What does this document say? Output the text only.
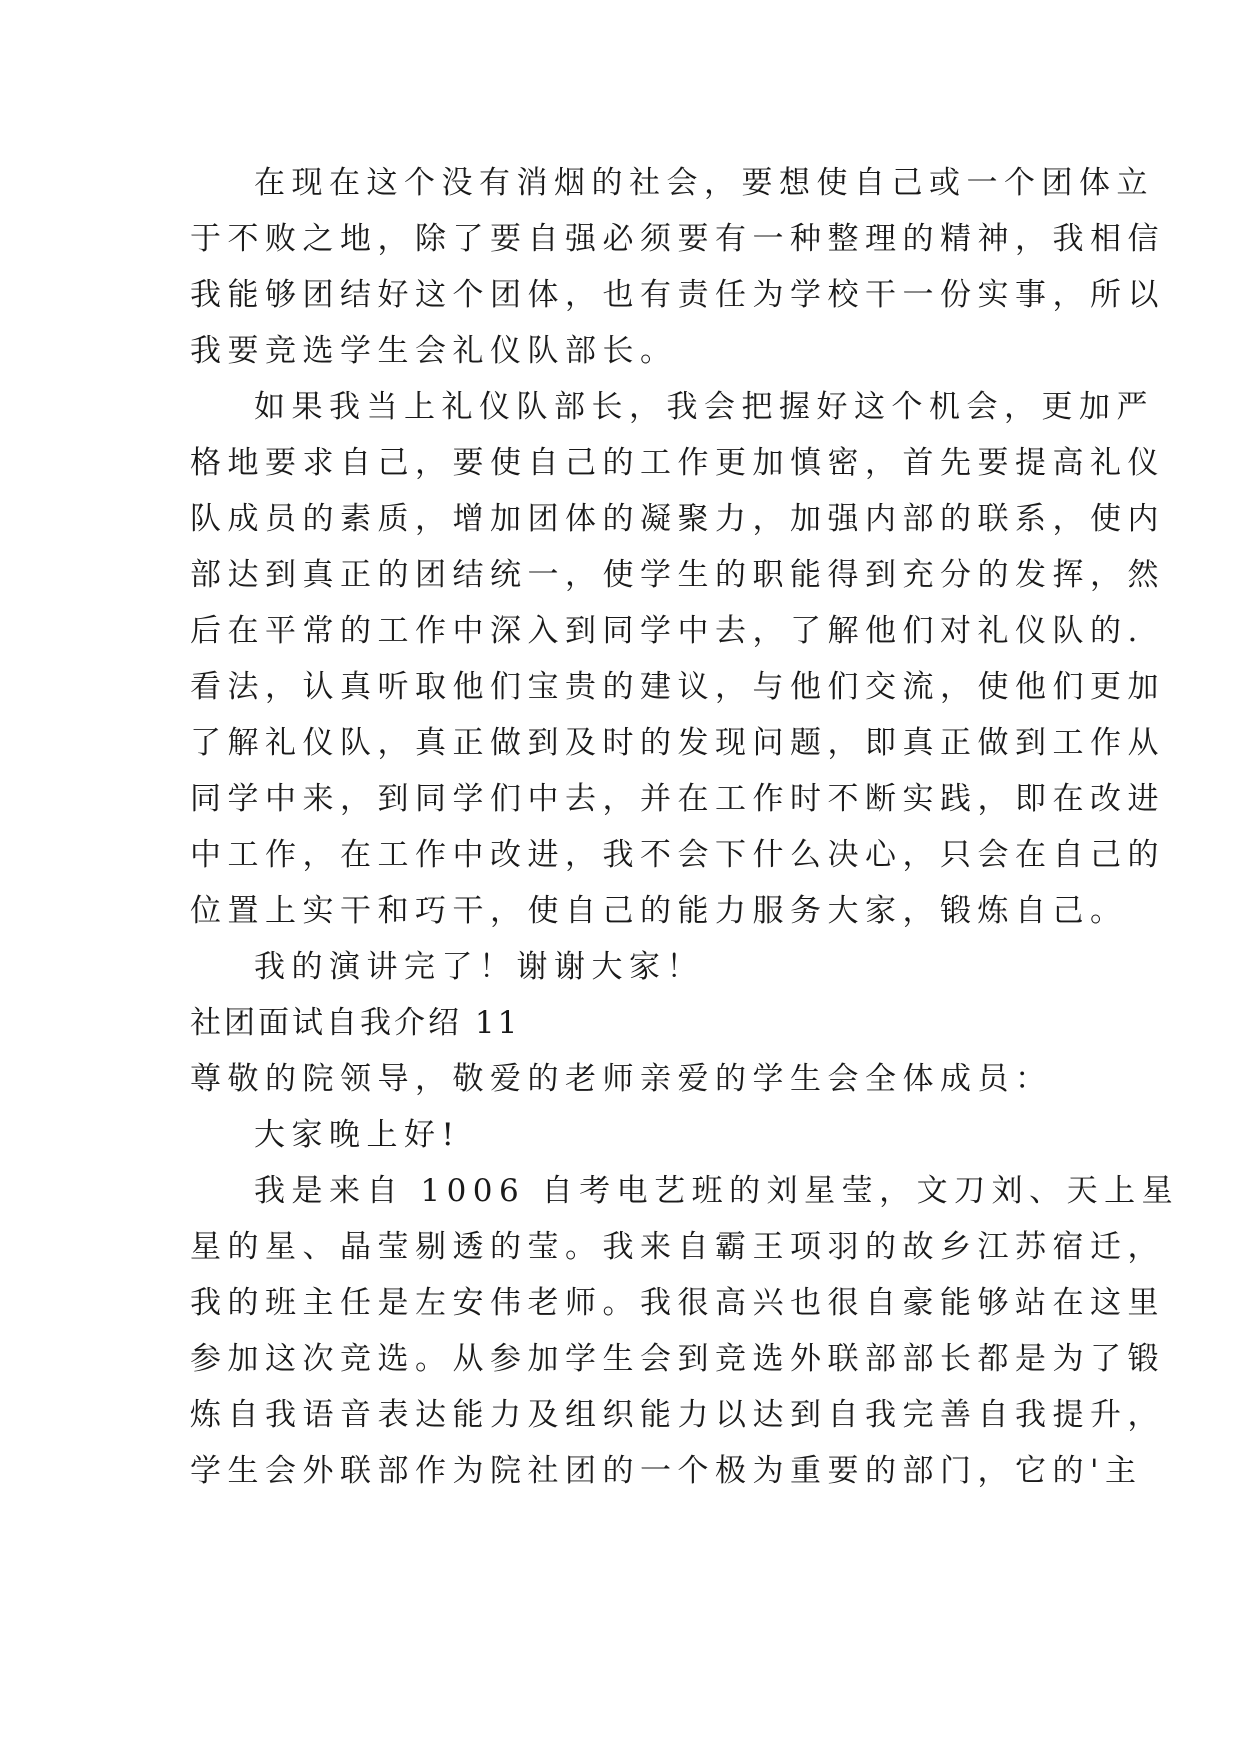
在现在这个没有消烟的社会，要想使自己或一个团体立
于不败之地，除了要自强必须要有一种整理的精神，我相信
我能够团结好这个团体，也有责任为学校干一份实事，所以
我要竞选学生会礼仪队部长。
如果我当上礼仪队部长，我会把握好这个机会，更加严
格地要求自己，要使自己的工作更加慎密，首先要提高礼仪
队成员的素质，增加团体的凝聚力，加强内部的联系，使内
部达到真正的团结统一，使学生的职能得到充分的发挥，然
后在平常的工作中深入到同学中去，了解他们对礼仪队的.
看法，认真听取他们宝贵的建议，与他们交流，使他们更加
了解礼仪队，真正做到及时的发现问题，即真正做到工作从
同学中来，到同学们中去，并在工作时不断实践，即在改进
中工作，在工作中改进，我不会下什么决心，只会在自己的
位置上实干和巧干，使自己的能力服务大家，锻炼自己。
我的演讲完了！谢谢大家！
社团面试自我介绍 11
尊敬的院领导，敬爱的老师亲爱的学生会全体成员：
大家晚上好!
我是来自 1006 自考电艺班的刘星莹，文刀刘、天上星
星的星、晶莹剔透的莹。我来自霸王项羽的故乡江苏宿迁，
我的班主任是左安伟老师。我很高兴也很自豪能够站在这里
参加这次竞选。从参加学生会到竞选外联部部长都是为了锻
炼自我语音表达能力及组织能力以达到自我完善自我提升，
学生会外联部作为院社团的一个极为重要的部门，它的'主
